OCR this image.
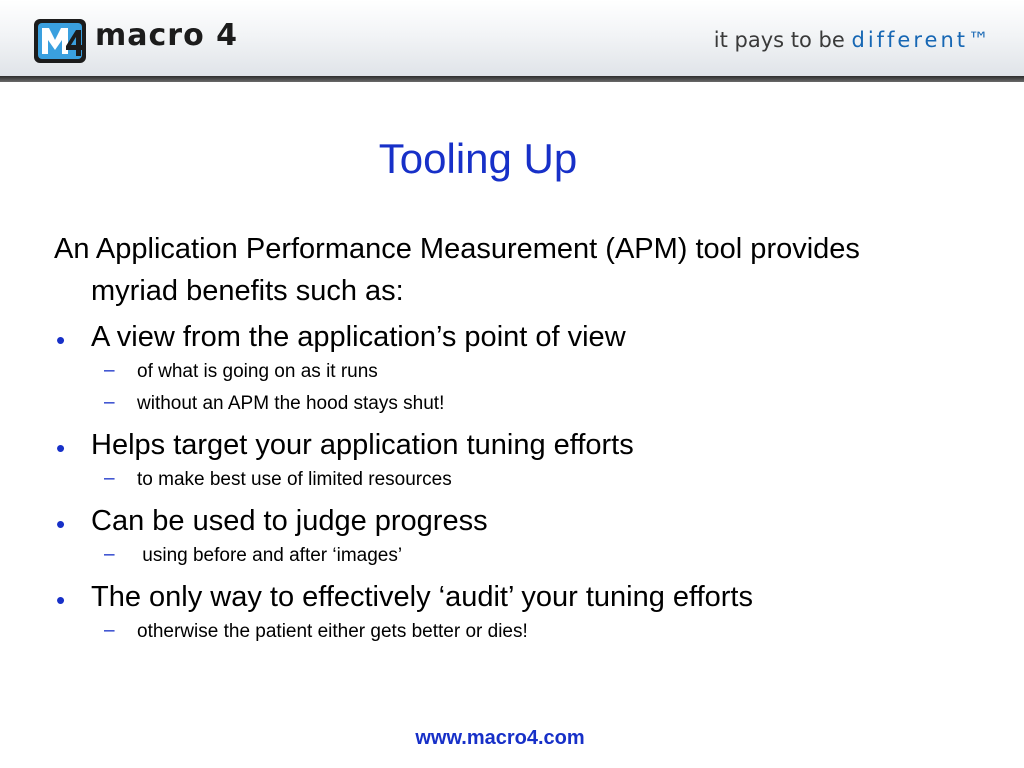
macro 4	it pays to be different™
Tooling Up
An Application Performance Measurement (APM) tool provides myriad benefits such as:
• A view from the application’s point of view
– of what is going on as it runs
– without an APM the hood stays shut!
• Helps target your application tuning efforts
– to make best use of limited resources
• Can be used to judge progress
– using before and after ‘images’
• The only way to effectively ‘audit’ your tuning efforts
– otherwise the patient either gets better or dies!
www.macro4.com
